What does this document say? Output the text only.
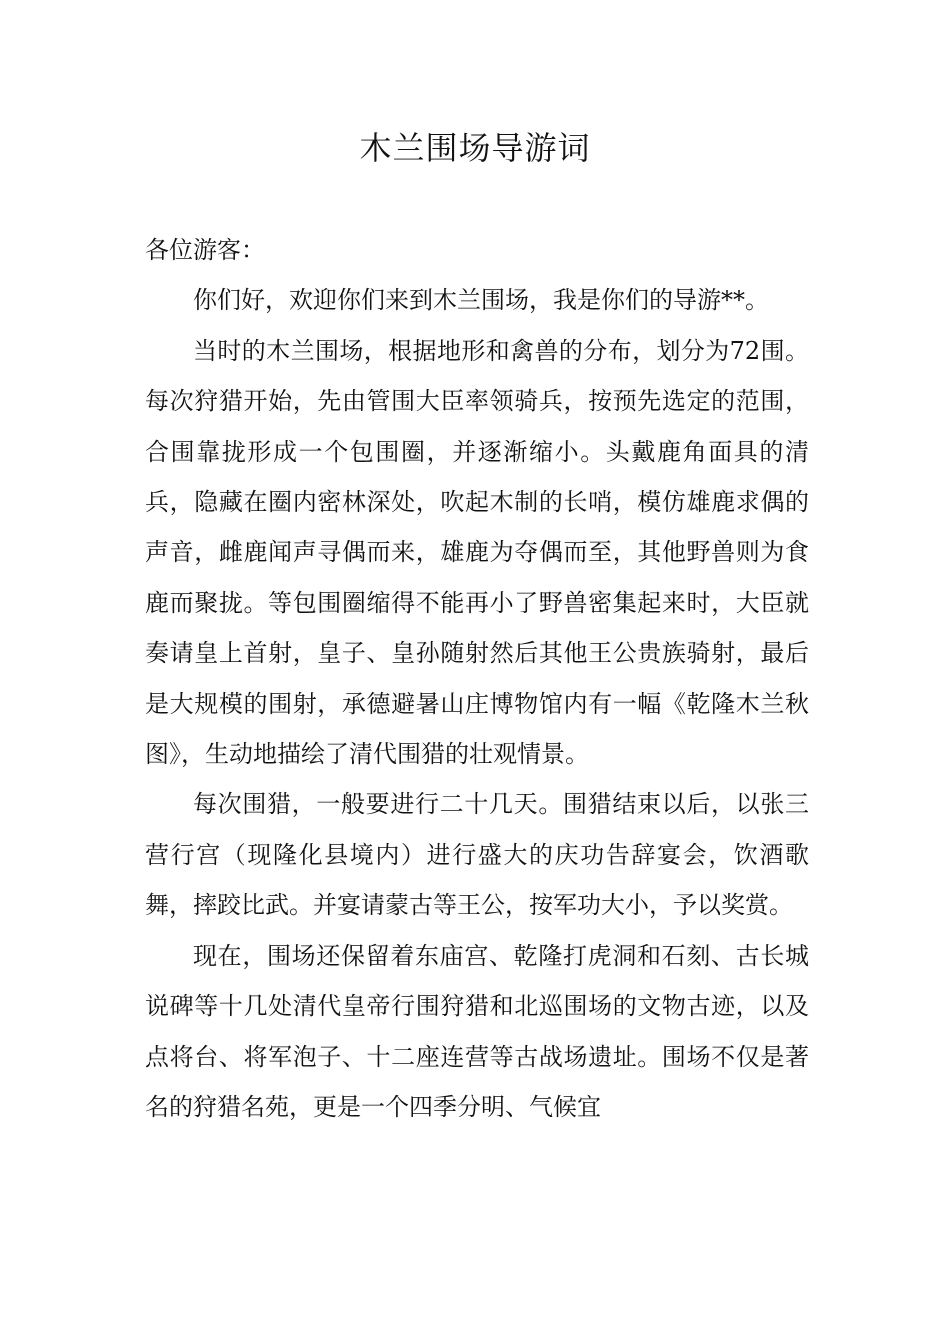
木兰围场导游词

各位游客：

你们好，欢迎你们来到木兰围场，我是你们的导游**。

当时的木兰围场，根据地形和禽兽的分布，划分为72围。每次狩猎开始，先由管围大臣率领骑兵，按预先选定的范围，合围靠拢形成一个包围圈，并逐渐缩小。头戴鹿角面具的清兵，隐藏在圈内密林深处，吹起木制的长哨，模仿雄鹿求偶的声音，雌鹿闻声寻偶而来，雄鹿为夺偶而至，其他野兽则为食鹿而聚拢。等包围圈缩得不能再小了野兽密集起来时，大臣就奏请皇上首射，皇子、皇孙随射然后其他王公贵族骑射，最后是大规模的围射，承德避暑山庄博物馆内有一幅《乾隆木兰秋图》，生动地描绘了清代围猎的壮观情景。

每次围猎，一般要进行二十几天。围猎结束以后，以张三营行宫（现隆化县境内）进行盛大的庆功告辞宴会，饮酒歌舞，摔跤比武。并宴请蒙古等王公，按军功大小，予以奖赏。

现在，围场还保留着东庙宫、乾隆打虎洞和石刻、古长城说碑等十几处清代皇帝行围狩猎和北巡围场的文物古迹，以及点将台、将军泡子、十二座连营等古战场遗址。围场不仅是著名的狩猎名苑，更是一个四季分明、气候宜
